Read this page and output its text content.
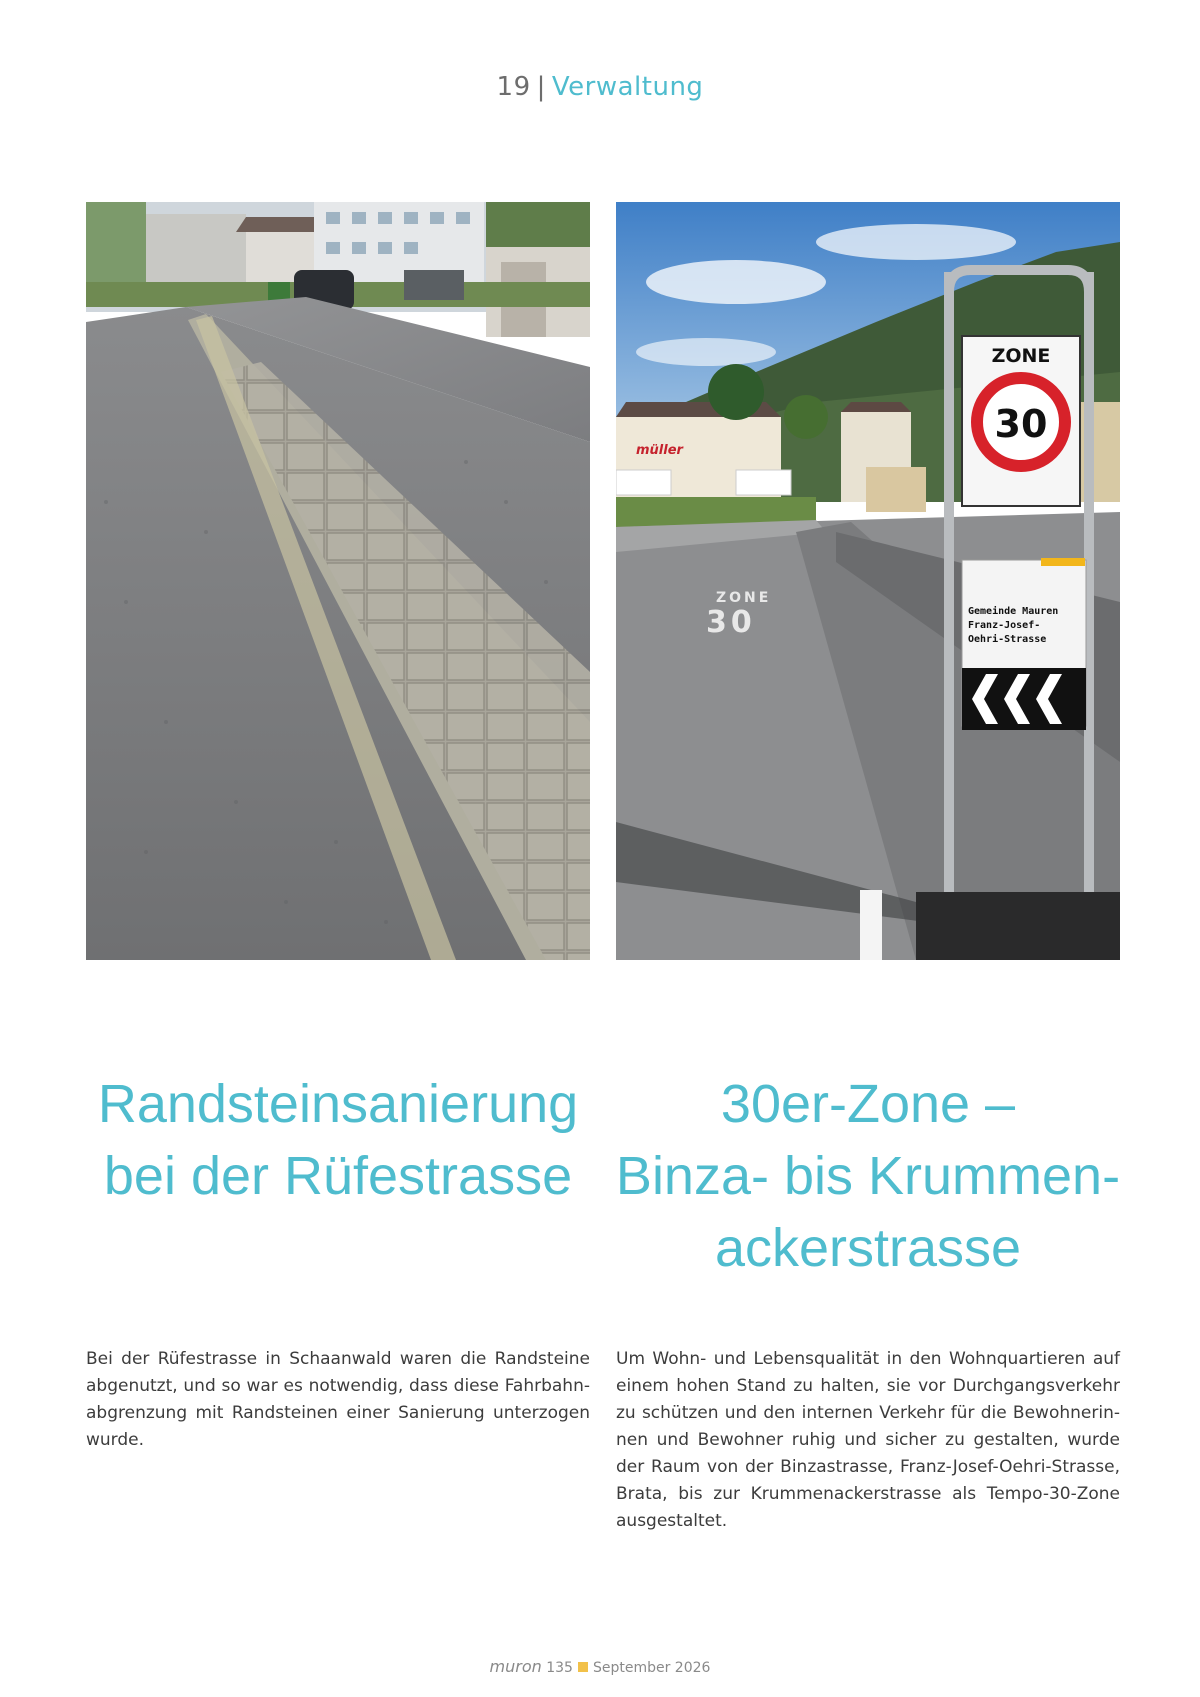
19 | Verwaltung
müller
ZONE
30
ZONE
30
Gemeinde Mauren
Franz-Josef-
Oehri-Strasse
Randsteinsanierung
bei der Rüfestrasse
30er-Zone –
Binza- bis Krummen-
ackerstrasse

Bei der Rüfestrasse in Schaanwald waren die Randsteine abgenutzt, und so war es notwendig, dass diese Fahrbahnabgrenzung mit Randsteinen einer Sanierung unterzogen wurde.

Um Wohn- und Lebensqualität in den Wohnquartieren auf einem hohen Stand zu halten, sie vor Durchgangsverkehr zu schützen und den internen Verkehr für die Bewohnerinnen und Bewohner ruhig und sicher zu gestalten, wurde der Raum von der Binzastrasse, Franz-Josef-Oehri-Strasse, Brata, bis zur Krummenackerstrasse als Tempo-30-Zone ausgestaltet.

muron 135 September 2026
